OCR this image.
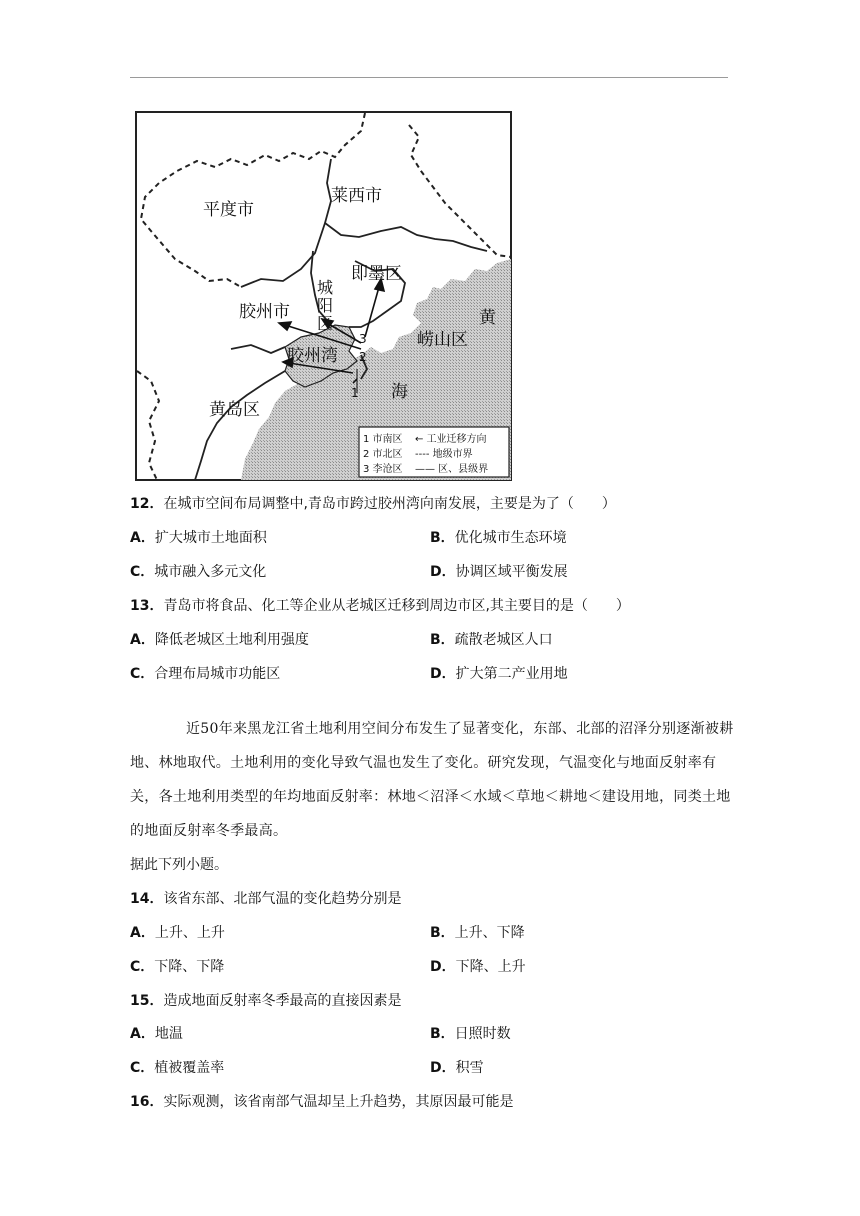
平度市
莱西市
即墨区
城
阳
区
胶州市
胶州湾
崂山区
黄
海
黄岛区
3
2
1
1 市南区 ← 工业迁移方向
2 市北区 ---- 地级市界
3 李沧区 —— 区、县级界
12．在城市空间布局调整中,青岛市跨过胶州湾向南发展，主要是为了（　　）
A．扩大城市土地面积	B．优化城市生态环境
C．城市融入多元文化	D．协调区域平衡发展
13．青岛市将食品、化工等企业从老城区迁移到周边市区,其主要目的是（　　）
A．降低老城区土地利用强度	B．疏散老城区人口
C．合理布局城市功能区	D．扩大第二产业用地
近50年来黑龙江省土地利用空间分布发生了显著变化，东部、北部的沼泽分别逐渐被耕地、林地取代。土地利用的变化导致气温也发生了变化。研究发现，气温变化与地面反射率有关，各土地利用类型的年均地面反射率：林地＜沼泽＜水域＜草地＜耕地＜建设用地，同类土地的地面反射率冬季最高。
据此下列小题。
14．该省东部、北部气温的变化趋势分别是
A．上升、上升	B．上升、下降
C．下降、下降	D．下降、上升
15．造成地面反射率冬季最高的直接因素是
A．地温	B．日照时数
C．植被覆盖率	D．积雪
16．实际观测，该省南部气温却呈上升趋势，其原因最可能是
